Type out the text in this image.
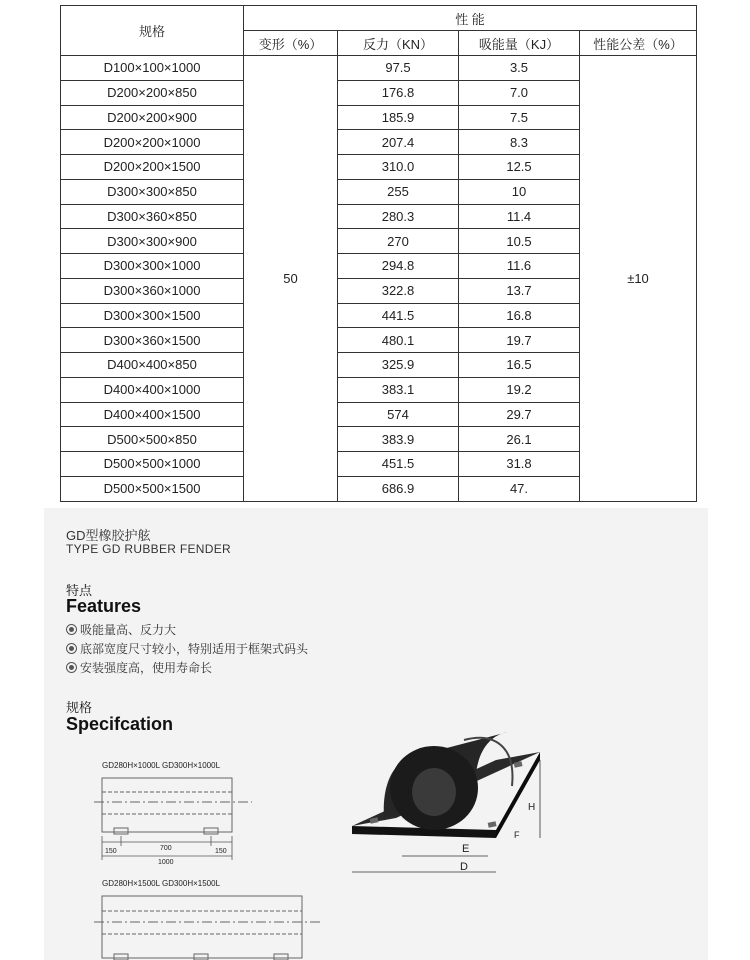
规格	性 能			
	变形（%）	反力（KN）	吸能量（KJ）	性能公差（%）
D100×100×1000	50	97.5	3.5	±10
D200×200×850		176.8	7.0	
D200×200×900		185.9	7.5	
D200×200×1000		207.4	8.3	
D200×200×1500		310.0	12.5	
D300×300×850		255	10	
D300×360×850		280.3	11.4	
D300×300×900		270	10.5	
D300×300×1000		294.8	11.6	
D300×360×1000		322.8	13.7	
D300×300×1500		441.5	16.8	
D300×360×1500		480.1	19.7	
D400×400×850		325.9	16.5	
D400×400×1000		383.1	19.2	
D400×400×1500		574	29.7	
D500×500×850		383.9	26.1	
D500×500×1000		451.5	31.8	
D500×500×1500		686.9	47.	
GD型橡胶护舷
TYPE GD RUBBER FENDER
特点
Features
吸能量高、反力大
底部宽度尺寸较小，特别适用于框架式码头
安装强度高，使用寿命长
规格
Specifcation
GD280H×1000L GD300H×1000L
150	700	150
1000
GD280H×1500L GD300H×1500L
E
D
H
F
